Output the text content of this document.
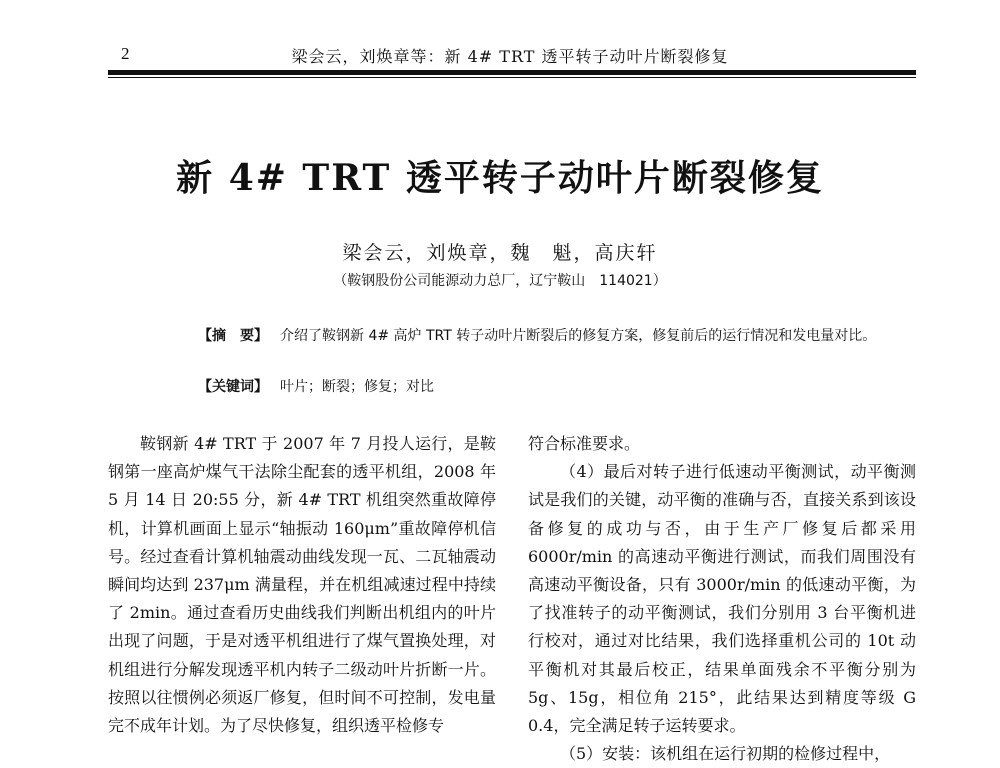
2	梁会云，刘焕章等：新 4# TRT 透平转子动叶片断裂修复
新 4# TRT 透平转子动叶片断裂修复
梁会云，刘焕章，魏　魁，高庆轩
（鞍钢股份公司能源动力总厂，辽宁鞍山　114021）
【摘　要】 介绍了鞍钢新 4# 高炉 TRT 转子动叶片断裂后的修复方案，修复前后的运行情况和发电量对比。
【关键词】 叶片；断裂；修复；对比

鞍钢新 4# TRT 于 2007 年 7 月投人运行，是鞍钢第一座高炉煤气干法除尘配套的透平机组，2008 年 5 月 14 日 20:55 分，新 4# TRT 机组突然重故障停机，计算机画面上显示“轴振动 160μm”重故障停机信号。经过查看计算机轴震动曲线发现一瓦、二瓦轴震动瞬间均达到 237μm 满量程，并在机组减速过程中持续了 2min。通过查看历史曲线我们判断出机组内的叶片出现了问题，于是对透平机组进行了煤气置换处理，对机组进行分解发现透平机内转子二级动叶片折断一片。按照以往惯例必须返厂修复，但时间不可控制，发电量完不成年计划。为了尽快修复，组织透平检修专

符合标准要求。

（4）最后对转子进行低速动平衡测试，动平衡测试是我们的关键，动平衡的准确与否，直接关系到该设备修复的成功与否，由于生产厂修复后都采用 6000r/min 的高速动平衡进行测试，而我们周围没有高速动平衡设备，只有 3000r/min 的低速动平衡，为了找准转子的动平衡测试，我们分别用 3 台平衡机进行校对，通过对比结果，我们选择重机公司的 10t 动平衡机对其最后校正，结果单面残余不平衡分别为 5g、15g，相位角 215°，此结果达到精度等级 G 0.4，完全满足转子运转要求。

（5）安装：该机组在运行初期的检修过程中，
